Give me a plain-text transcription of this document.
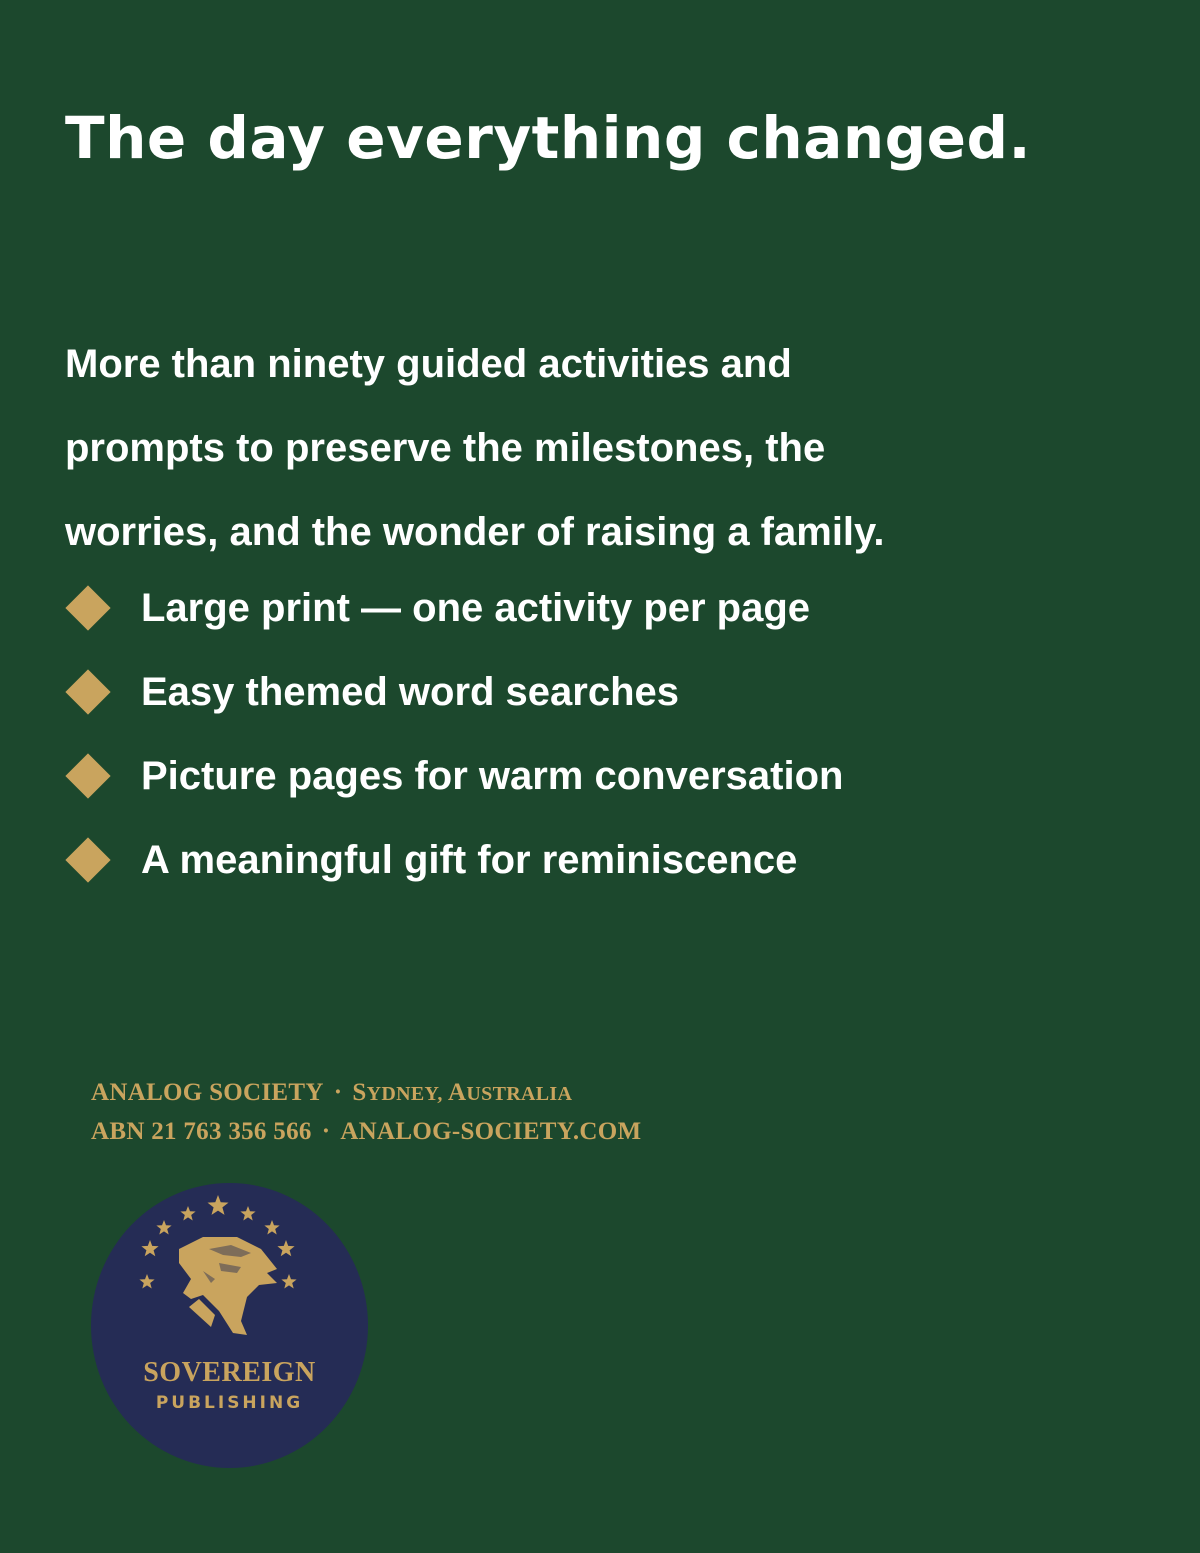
The day everything changed.

More than ninety guided activities and
prompts to preserve the milestones, the
worries, and the wonder of raising a family.

Large print — one activity per page
Easy themed word searches
Picture pages for warm conversation
A meaningful gift for reminiscence
ANALOG SOCIETY · SYDNEY, AUSTRALIA
ABN 21 763 356 566 · ANALOG-SOCIETY.COM
SOVEREIGN
PUBLISHING
